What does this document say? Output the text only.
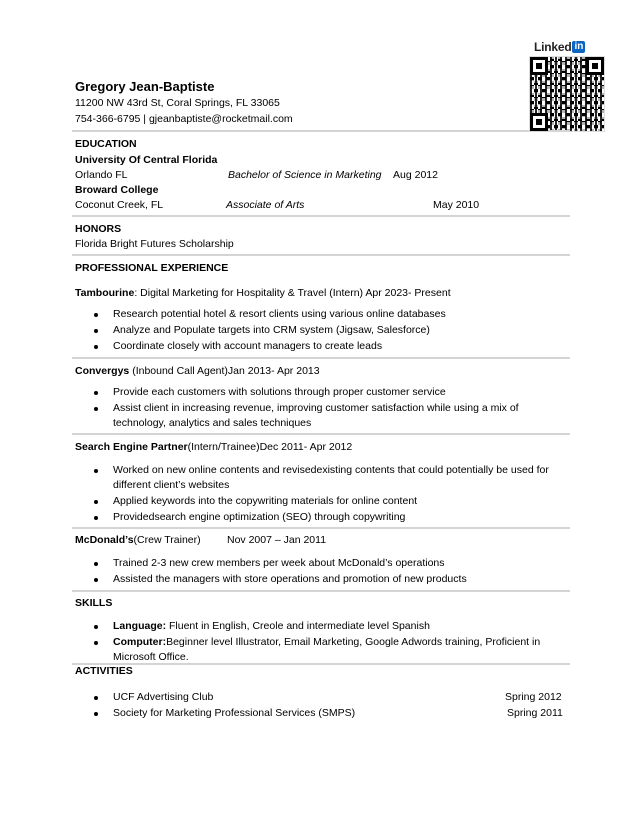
Linked in
Gregory Jean-Baptiste
11200 NW 43rd St, Coral Springs, FL 33065
754-366-6795 | gjeanbaptiste@rocketmail.com
EDUCATION
University Of Central Florida
Orlando FL	Bachelor of Science in Marketing Aug 2012
Broward College
Coconut Creek, FL	Associate of Arts	May 2010
HONORS
Florida Bright Futures Scholarship
PROFESSIONAL EXPERIENCE
Tambourine: Digital Marketing for Hospitality & Travel (Intern) Apr 2023- Present
Research potential hotel & resort clients using various online databases
Analyze and Populate targets into CRM system (Jigsaw, Salesforce)
Coordinate closely with account managers to create leads
Convergys (Inbound Call Agent)Jan 2013- Apr 2013
Provide each customers with solutions through proper customer service
Assist client in increasing revenue, improving customer satisfaction while using a mix of
technology, analytics and sales techniques
Search Engine Partner(Intern/Trainee)Dec 2011- Apr 2012
Worked on new online contents and revisedexisting contents that could potentially be used for
different client’s websites
Applied keywords into the copywriting materials for online content
Providedsearch engine optimization (SEO) through copywriting
McDonald’s(Crew Trainer)	Nov 2007 – Jan 2011
Trained 2-3 new crew members per week about McDonald’s operations
Assisted the managers with store operations and promotion of new products
SKILLS
Language: Fluent in English, Creole and intermediate level Spanish
Computer:Beginner level Illustrator, Email Marketing, Google Adwords training, Proficient in
Microsoft Office.
ACTIVITIES
UCF Advertising Club	Spring 2012
Society for Marketing Professional Services (SMPS)	Spring 2011
